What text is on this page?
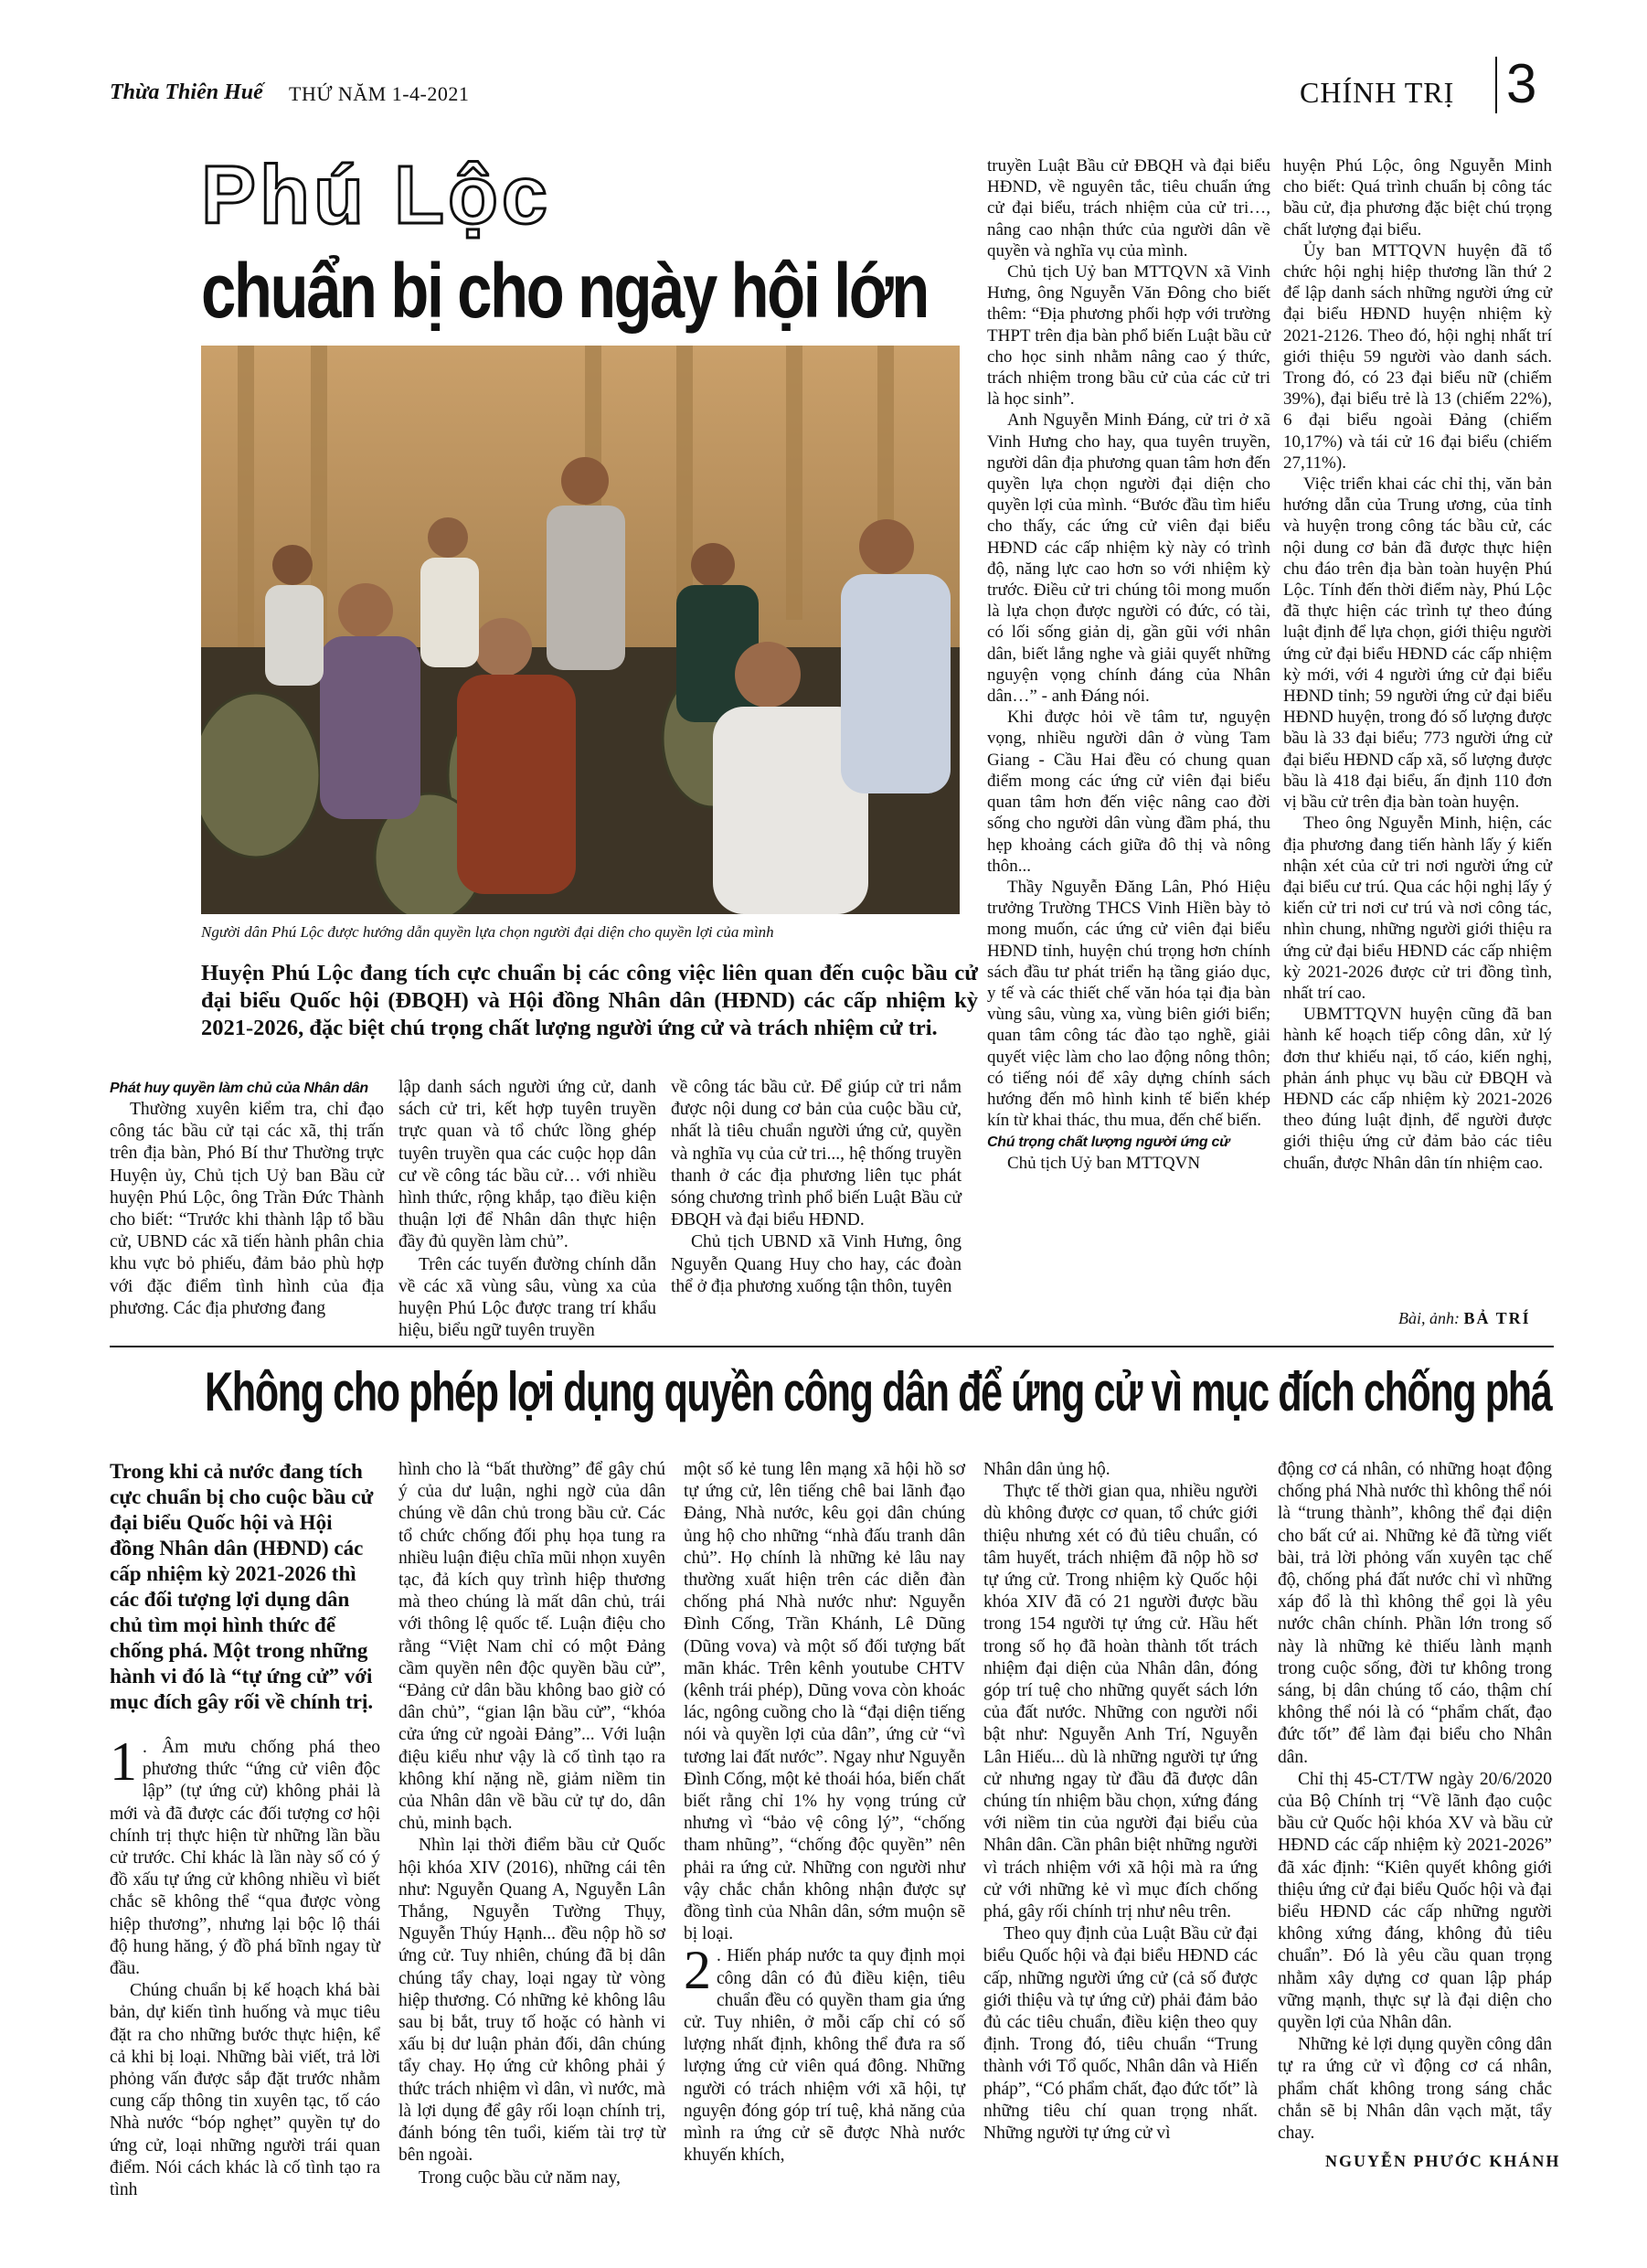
Thừa Thiên Huế THỨ NĂM 1-4-2021	CHÍNH TRỊ 3
Phú Lộc
chuẩn bị cho ngày hội lớn
Người dân Phú Lộc được hướng dẫn quyền lựa chọn người đại diện cho quyền lợi của mình
Huyện Phú Lộc đang tích cực chuẩn bị các công việc liên quan đến cuộc bầu cử đại biểu Quốc hội (ĐBQH) và Hội đồng Nhân dân (HĐND) các cấp nhiệm kỳ 2021-2026, đặc biệt chú trọng chất lượng người ứng cử và trách nhiệm cử tri.
Phát huy quyền làm chủ của Nhân dân

Thường xuyên kiểm tra, chỉ đạo công tác bầu cử tại các xã, thị trấn trên địa bàn, Phó Bí thư Thường trực Huyện ủy, Chủ tịch Uỷ ban Bầu cử huyện Phú Lộc, ông Trần Đức Thành cho biết: “Trước khi thành lập tổ bầu cử, UBND các xã tiến hành phân chia khu vực bỏ phiếu, đảm bảo phù hợp với đặc điểm tình hình của địa phương. Các địa phương đang

lập danh sách người ứng cử, danh sách cử tri, kết hợp tuyên truyền trực quan và tổ chức lồng ghép tuyên truyền qua các cuộc họp dân cư về công tác bầu cử… với nhiều hình thức, rộng khắp, tạo điều kiện thuận lợi để Nhân dân thực hiện đầy đủ quyền làm chủ”.

Trên các tuyến đường chính dẫn về các xã vùng sâu, vùng xa của huyện Phú Lộc được trang trí khẩu hiệu, biểu ngữ tuyên truyền

về công tác bầu cử. Để giúp cử tri nắm được nội dung cơ bản của cuộc bầu cử, nhất là tiêu chuẩn người ứng cử, quyền và nghĩa vụ của cử tri..., hệ thống truyền thanh ở các địa phương liên tục phát sóng chương trình phổ biến Luật Bầu cử ĐBQH và đại biểu HĐND.

Chủ tịch UBND xã Vinh Hưng, ông Nguyễn Quang Huy cho hay, các đoàn thể ở địa phương xuống tận thôn, tuyên

truyền Luật Bầu cử ĐBQH và đại biểu HĐND, về nguyên tắc, tiêu chuẩn ứng cử đại biểu, trách nhiệm của cử tri…, nâng cao nhận thức của người dân về quyền và nghĩa vụ của mình.

Chủ tịch Uỷ ban MTTQVN xã Vinh Hưng, ông Nguyễn Văn Đông cho biết thêm: “Địa phương phối hợp với trường THPT trên địa bàn phổ biến Luật bầu cử cho học sinh nhằm nâng cao ý thức, trách nhiệm trong bầu cử của các cử tri là học sinh”.

Anh Nguyễn Minh Đáng, cử tri ở xã Vinh Hưng cho hay, qua tuyên truyền, người dân địa phương quan tâm hơn đến quyền lựa chọn người đại diện cho quyền lợi của mình. “Bước đầu tìm hiểu cho thấy, các ứng cử viên đại biểu HĐND các cấp nhiệm kỳ này có trình độ, năng lực cao hơn so với nhiệm kỳ trước. Điều cử tri chúng tôi mong muốn là lựa chọn được người có đức, có tài, có lối sống giản dị, gần gũi với nhân dân, biết lắng nghe và giải quyết những nguyện vọng chính đáng của Nhân dân…” - anh Đáng nói.

Khi được hỏi về tâm tư, nguyện vọng, nhiều người dân ở vùng Tam Giang - Cầu Hai đều có chung quan điểm mong các ứng cử viên đại biểu quan tâm hơn đến việc nâng cao đời sống cho người dân vùng đầm phá, thu hẹp khoảng cách giữa đô thị và nông thôn...

Thầy Nguyễn Đăng Lân, Phó Hiệu trưởng Trường THCS Vinh Hiền bày tỏ mong muốn, các ứng cử viên đại biểu HĐND tỉnh, huyện chú trọng hơn chính sách đầu tư phát triển hạ tầng giáo dục, y tế và các thiết chế văn hóa tại địa bàn vùng sâu, vùng xa, vùng biên giới biển; quan tâm công tác đào tạo nghề, giải quyết việc làm cho lao động nông thôn; có tiếng nói để xây dựng chính sách hướng đến mô hình kinh tế biển khép kín từ khai thác, thu mua, đến chế biến.

Chú trọng chất lượng người ứng cử

Chủ tịch Uỷ ban MTTQVN

huyện Phú Lộc, ông Nguyễn Minh cho biết: Quá trình chuẩn bị công tác bầu cử, địa phương đặc biệt chú trọng chất lượng đại biểu.

Ủy ban MTTQVN huyện đã tổ chức hội nghị hiệp thương lần thứ 2 để lập danh sách những người ứng cử đại biểu HĐND huyện nhiệm kỳ 2021-2126. Theo đó, hội nghị nhất trí giới thiệu 59 người vào danh sách. Trong đó, có 23 đại biểu nữ (chiếm 39%), đại biểu trẻ là 13 (chiếm 22%), 6 đại biểu ngoài Đảng (chiếm 10,17%) và tái cử 16 đại biểu (chiếm 27,11%).

Việc triển khai các chỉ thị, văn bản hướng dẫn của Trung ương, của tỉnh và huyện trong công tác bầu cử, các nội dung cơ bản đã được thực hiện chu đáo trên địa bàn toàn huyện Phú Lộc. Tính đến thời điểm này, Phú Lộc đã thực hiện các trình tự theo đúng luật định để lựa chọn, giới thiệu người ứng cử đại biểu HĐND các cấp nhiệm kỳ mới, với 4 người ứng cử đại biểu HĐND tỉnh; 59 người ứng cử đại biểu HĐND huyện, trong đó số lượng được bầu là 33 đại biểu; 773 người ứng cử đại biểu HĐND cấp xã, số lượng được bầu là 418 đại biểu, ấn định 110 đơn vị bầu cử trên địa bàn toàn huyện.

Theo ông Nguyễn Minh, hiện, các địa phương đang tiến hành lấy ý kiến nhận xét của cử tri nơi người ứng cử đại biểu cư trú. Qua các hội nghị lấy ý kiến cử tri nơi cư trú và nơi công tác, nhìn chung, những người giới thiệu ra ứng cử đại biểu HĐND các cấp nhiệm kỳ 2021-2026 được cử tri đồng tình, nhất trí cao.

UBMTTQVN huyện cũng đã ban hành kế hoạch tiếp công dân, xử lý đơn thư khiếu nại, tố cáo, kiến nghị, phản ánh phục vụ bầu cử ĐBQH và HĐND các cấp nhiệm kỳ 2021-2026 theo đúng luật định, để người được giới thiệu ứng cử đảm bảo các tiêu chuẩn, được Nhân dân tín nhiệm cao.

Bài, ảnh: BẢ TRÍ
Không cho phép lợi dụng quyền công dân để ứng cử vì mục đích chống phá

Trong khi cả nước đang tích cực chuẩn bị cho cuộc bầu cử đại biểu Quốc hội và Hội đồng Nhân dân (HĐND) các cấp nhiệm kỳ 2021-2026 thì các đối tượng lợi dụng dân chủ tìm mọi hình thức để chống phá. Một trong những hành vi đó là “tự ứng cử” với mục đích gây rối về chính trị.

1 . Âm mưu chống phá theo phương thức “ứng cử viên độc lập” (tự ứng cử) không phải là mới và đã được các đối tượng cơ hội chính trị thực hiện từ những lần bầu cử trước. Chỉ khác là lần này số có ý đồ xấu tự ứng cử không nhiều vì biết chắc sẽ không thể “qua được vòng hiệp thương”, nhưng lại bộc lộ thái độ hung hăng, ý đồ phá bĩnh ngay từ đầu.

Chúng chuẩn bị kế hoạch khá bài bản, dự kiến tình huống và mục tiêu đặt ra cho những bước thực hiện, kể cả khi bị loại. Những bài viết, trả lời phỏng vấn được sắp đặt trước nhằm cung cấp thông tin xuyên tạc, tố cáo Nhà nước “bóp nghẹt” quyền tự do ứng cử, loại những người trái quan điểm. Nói cách khác là cố tình tạo ra tình

hình cho là “bất thường” để gây chú ý của dư luận, nghi ngờ của dân chúng về dân chủ trong bầu cử. Các tổ chức chống đối phụ họa tung ra nhiều luận điệu chĩa mũi nhọn xuyên tạc, đả kích quy trình hiệp thương mà theo chúng là mất dân chủ, trái với thông lệ quốc tế. Luận điệu cho rằng “Việt Nam chỉ có một Đảng cầm quyền nên độc quyền bầu cử”, “Đảng cử dân bầu không bao giờ có dân chủ”, “gian lận bầu cử”, “khóa cửa ứng cử ngoài Đảng”... Với luận điệu kiểu như vậy là cố tình tạo ra không khí nặng nề, giảm niềm tin của Nhân dân về bầu cử tự do, dân chủ, minh bạch.

Nhìn lại thời điểm bầu cử Quốc hội khóa XIV (2016), những cái tên như: Nguyễn Quang A, Nguyễn Lân Thắng, Nguyễn Tường Thụy, Nguyễn Thúy Hạnh... đều nộp hồ sơ ứng cử. Tuy nhiên, chúng đã bị dân chúng tẩy chay, loại ngay từ vòng hiệp thương. Có những kẻ không lâu sau bị bắt, truy tố hoặc có hành vi xấu bị dư luận phản đối, dân chúng tẩy chay. Họ ứng cử không phải ý thức trách nhiệm vì dân, vì nước, mà là lợi dụng để gây rối loạn chính trị, đánh bóng tên tuổi, kiếm tài trợ từ bên ngoài.

Trong cuộc bầu cử năm nay,

một số kẻ tung lên mạng xã hội hồ sơ tự ứng cử, lên tiếng chê bai lãnh đạo Đảng, Nhà nước, kêu gọi dân chúng ủng hộ cho những “nhà đấu tranh dân chủ”. Họ chính là những kẻ lâu nay thường xuất hiện trên các diễn đàn chống phá Nhà nước như: Nguyễn Đình Cống, Trần Khánh, Lê Dũng (Dũng vova) và một số đối tượng bất mãn khác. Trên kênh youtube CHTV (kênh trái phép), Dũng vova còn khoác lác, ngông cuồng cho là “đại diện tiếng nói và quyền lợi của dân”, ứng cử “vì tương lai đất nước”. Ngay như Nguyễn Đình Cống, một kẻ thoái hóa, biến chất biết rằng chỉ 1% hy vọng trúng cử nhưng vì “bảo vệ công lý”, “chống tham nhũng”, “chống độc quyền” nên phải ra ứng cử. Những con người như vậy chắc chắn không nhận được sự đồng tình của Nhân dân, sớm muộn sẽ bị loại.

2 . Hiến pháp nước ta quy định mọi công dân có đủ điều kiện, tiêu chuẩn đều có quyền tham gia ứng cử. Tuy nhiên, ở mỗi cấp chỉ có số lượng nhất định, không thể đưa ra số lượng ứng cử viên quá đông. Những người có trách nhiệm với xã hội, tự nguyện đóng góp trí tuệ, khả năng của mình ra ứng cử sẽ được Nhà nước khuyến khích,

Nhân dân ủng hộ.

Thực tế thời gian qua, nhiều người dù không được cơ quan, tổ chức giới thiệu nhưng xét có đủ tiêu chuẩn, có tâm huyết, trách nhiệm đã nộp hồ sơ tự ứng cử. Trong nhiệm kỳ Quốc hội khóa XIV đã có 21 người được bầu trong 154 người tự ứng cử. Hầu hết trong số họ đã hoàn thành tốt trách nhiệm đại diện của Nhân dân, đóng góp trí tuệ cho những quyết sách lớn của đất nước. Những con người nổi bật như: Nguyễn Anh Trí, Nguyễn Lân Hiếu... dù là những người tự ứng cử nhưng ngay từ đầu đã được dân chúng tín nhiệm bầu chọn, xứng đáng với niềm tin của người đại biểu của Nhân dân. Cần phân biệt những người vì trách nhiệm với xã hội mà ra ứng cử với những kẻ vì mục đích chống phá, gây rối chính trị như nêu trên.

Theo quy định của Luật Bầu cử đại biểu Quốc hội và đại biểu HĐND các cấp, những người ứng cử (cả số được giới thiệu và tự ứng cử) phải đảm bảo đủ các tiêu chuẩn, điều kiện theo quy định. Trong đó, tiêu chuẩn “Trung thành với Tổ quốc, Nhân dân và Hiến pháp”, “Có phẩm chất, đạo đức tốt” là những tiêu chí quan trọng nhất. Những người tự ứng cử vì

động cơ cá nhân, có những hoạt động chống phá Nhà nước thì không thể nói là “trung thành”, không thể đại diện cho bất cứ ai. Những kẻ đã từng viết bài, trả lời phỏng vấn xuyên tạc chế độ, chống phá đất nước chỉ vì những xáp đổ là thì không thể gọi là yêu nước chân chính. Phần lớn trong số này là những kẻ thiếu lành mạnh trong cuộc sống, đời tư không trong sáng, bị dân chúng tố cáo, thậm chí không thể nói là có “phẩm chất, đạo đức tốt” để làm đại biểu cho Nhân dân.

Chỉ thị 45-CT/TW ngày 20/6/2020 của Bộ Chính trị “Về lãnh đạo cuộc bầu cử Quốc hội khóa XV và bầu cử HĐND các cấp nhiệm kỳ 2021-2026” đã xác định: “Kiên quyết không giới thiệu ứng cử đại biểu Quốc hội và đại biểu HĐND các cấp những người không xứng đáng, không đủ tiêu chuẩn”. Đó là yêu cầu quan trọng nhằm xây dựng cơ quan lập pháp vững mạnh, thực sự là đại diện cho quyền lợi của Nhân dân.

Những kẻ lợi dụng quyền công dân tự ra ứng cử vì động cơ cá nhân, phẩm chất không trong sáng chắc chắn sẽ bị Nhân dân vạch mặt, tẩy chay.

NGUYỄN PHƯỚC KHÁNH
